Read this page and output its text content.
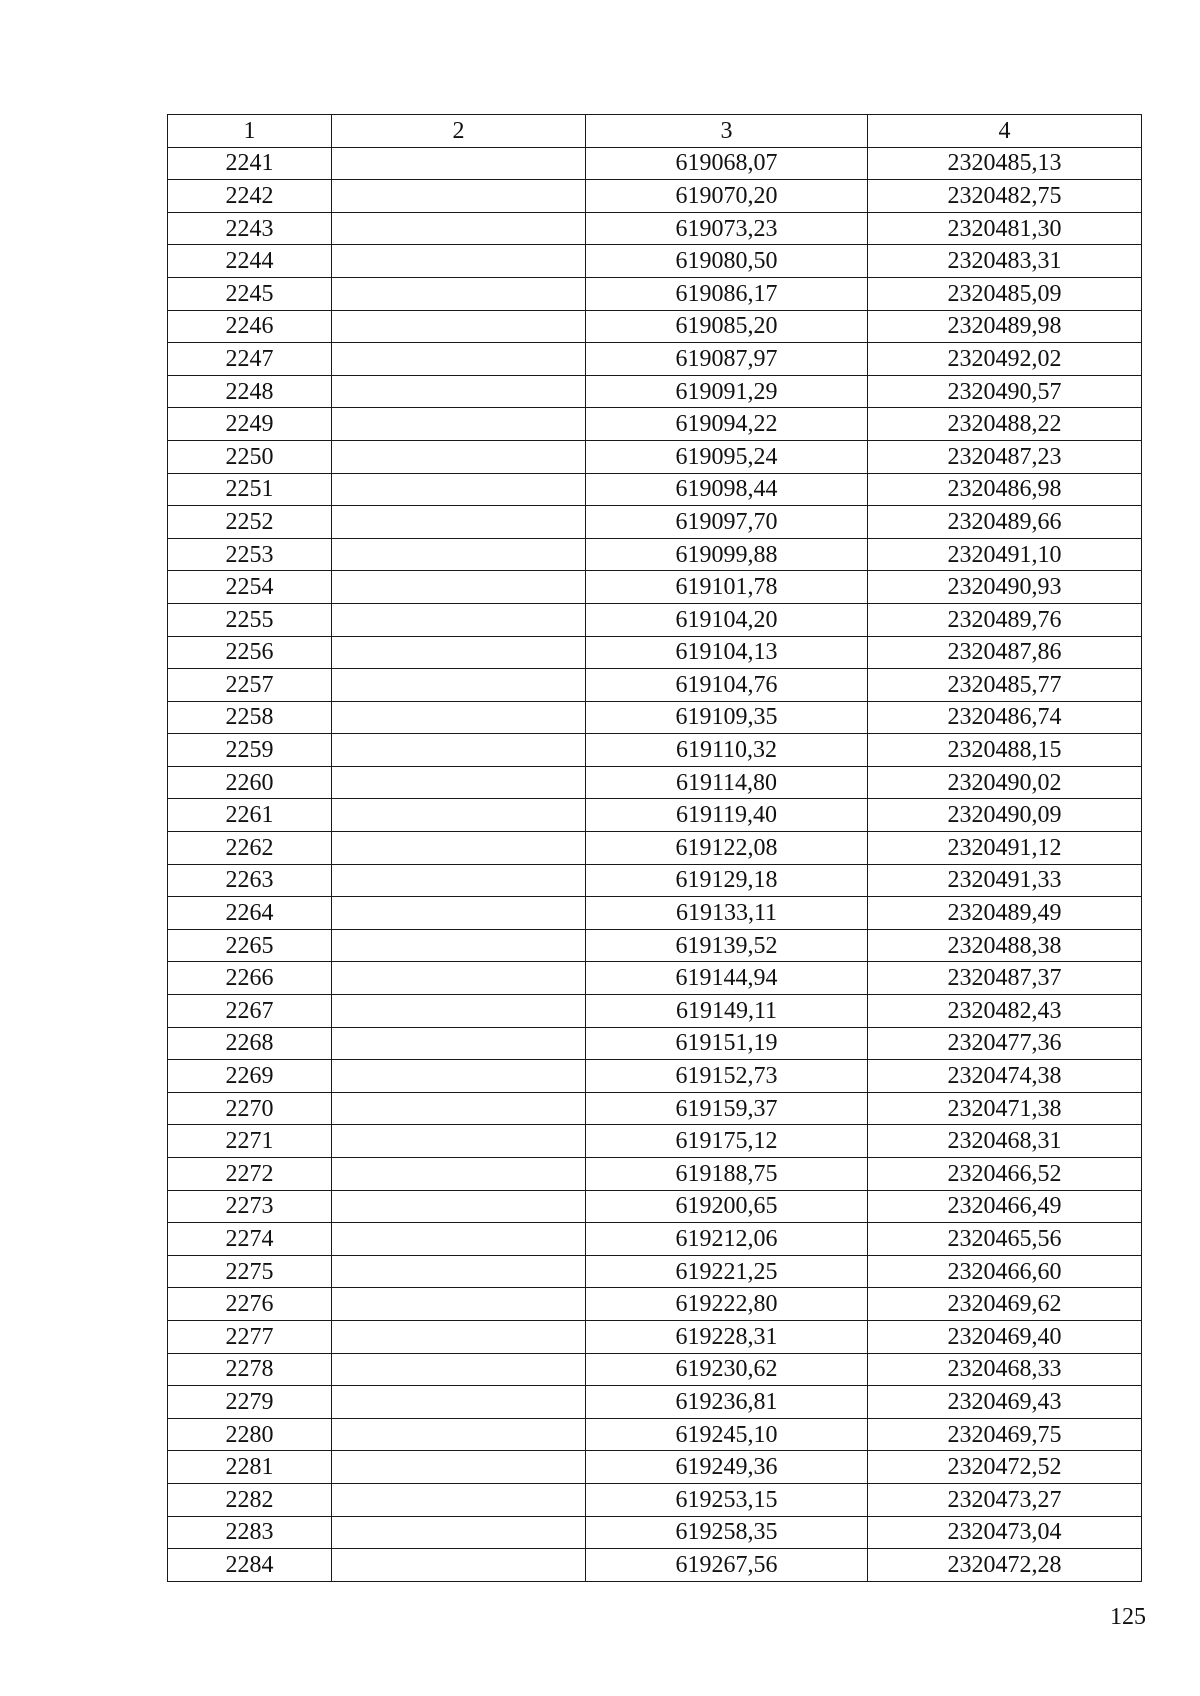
1	2	3	4
2241		619068,07	2320485,13
2242		619070,20	2320482,75
2243		619073,23	2320481,30
2244		619080,50	2320483,31
2245		619086,17	2320485,09
2246		619085,20	2320489,98
2247		619087,97	2320492,02
2248		619091,29	2320490,57
2249		619094,22	2320488,22
2250		619095,24	2320487,23
2251		619098,44	2320486,98
2252		619097,70	2320489,66
2253		619099,88	2320491,10
2254		619101,78	2320490,93
2255		619104,20	2320489,76
2256		619104,13	2320487,86
2257		619104,76	2320485,77
2258		619109,35	2320486,74
2259		619110,32	2320488,15
2260		619114,80	2320490,02
2261		619119,40	2320490,09
2262		619122,08	2320491,12
2263		619129,18	2320491,33
2264		619133,11	2320489,49
2265		619139,52	2320488,38
2266		619144,94	2320487,37
2267		619149,11	2320482,43
2268		619151,19	2320477,36
2269		619152,73	2320474,38
2270		619159,37	2320471,38
2271		619175,12	2320468,31
2272		619188,75	2320466,52
2273		619200,65	2320466,49
2274		619212,06	2320465,56
2275		619221,25	2320466,60
2276		619222,80	2320469,62
2277		619228,31	2320469,40
2278		619230,62	2320468,33
2279		619236,81	2320469,43
2280		619245,10	2320469,75
2281		619249,36	2320472,52
2282		619253,15	2320473,27
2283		619258,35	2320473,04
2284		619267,56	2320472,28
125
